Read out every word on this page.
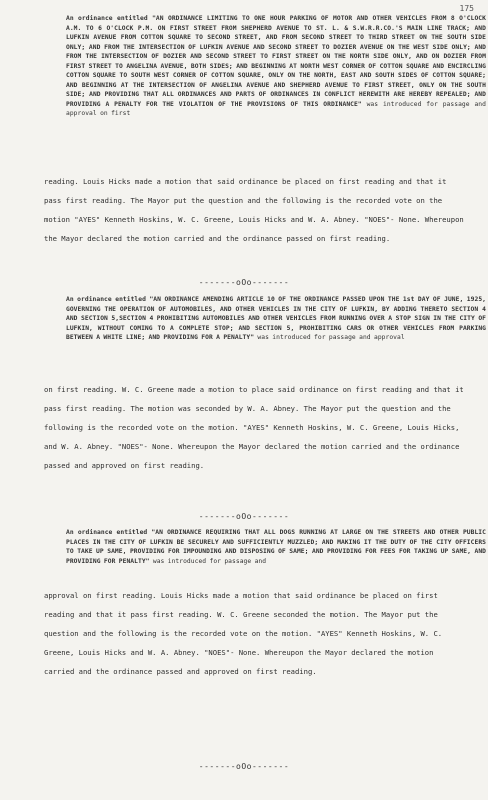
175
An ordinance entitled "AN ORDINANCE LIMITING TO ONE HOUR PARKING OF MOTOR AND OTHER VEHICLES FROM 8 O'CLOCK A.M. TO 6 O'CLOCK P.M. ON FIRST STREET FROM SHEPHERD AVENUE TO ST. L. & S.W.R.R.CO.'S MAIN LINE TRACK; AND LUFKIN AVENUE FROM COTTON SQUARE TO SECOND STREET, AND FROM SECOND STREET TO THIRD STREET ON THE SOUTH SIDE ONLY; AND FROM THE INTERSECTION OF LUFKIN AVENUE AND SECOND STREET TO DOZIER AVENUE ON THE WEST SIDE ONLY; AND FROM THE INTERSECTION OF DOZIER AND SECOND STREET TO FIRST STREET ON THE NORTH SIDE ONLY, AND ON DOZIER FROM FIRST STREET TO ANGELINA AVENUE, BOTH SIDES; AND BEGINNING AT NORTH WEST CORNER OF COTTON SQUARE AND ENCIRCLING COTTON SQUARE TO SOUTH WEST CORNER OF COTTON SQUARE, ONLY ON THE NORTH, EAST AND SOUTH SIDES OF COTTON SQUARE; AND BEGINNING AT THE INTERSECTION OF ANGELINA AVENUE AND SHEPHERD AVENUE TO FIRST STREET, ONLY ON THE SOUTH SIDE; AND PROVIDING THAT ALL ORDINANCES AND PARTS OF ORDINANCES IN CONFLICT HEREWITH ARE HEREBY REPEALED; AND PROVIDING A PENALTY FOR THE VIOLATION OF THE PROVISIONS OF THIS ORDINANCE" was introduced for passage and approval on first
reading. Louis Hicks made a motion that said ordinance be placed on first reading and that it pass first reading. The Mayor put the question and the following is the recorded vote on the motion "AYES" Kenneth Hoskins, W. C. Greene, Louis Hicks and W. A. Abney. "NOES"- None. Whereupon the Mayor declared the motion carried and the ordinance passed on first reading.
-------oOo-------
An ordinance entitled "AN ORDINANCE AMENDING ARTICLE 10 OF THE ORDINANCE PASSED UPON THE 1st DAY OF JUNE, 1925, GOVERNING THE OPERATION OF AUTOMOBILES, AND OTHER VEHICLES IN THE CITY OF LUFKIN, BY ADDING THERETO SECTION 4 AND SECTION 5,SECTION 4 PROHIBITING AUTOMOBILES AND OTHER VEHICLES FROM RUNNING OVER A STOP SIGN IN THE CITY OF LUFKIN, WITHOUT COMING TO A COMPLETE STOP; AND SECTION 5, PROHIBITING CARS OR OTHER VEHICLES FROM PARKING BETWEEN A WHITE LINE; AND PROVIDING FOR A PENALTY" was introduced for passage and approval
on first reading. W. C. Greene made a motion to place said ordinance on first reading and that it pass first reading. The motion was seconded by W. A. Abney. The Mayor put the question and the following is the recorded vote on the motion. "AYES" Kenneth Hoskins, W. C. Greene, Louis Hicks, and W. A. Abney. "NOES"- None. Whereupon the Mayor declared the motion carried and the ordinance passed and approved on first reading.
-------oOo-------
An ordinance entitled "AN ORDINANCE REQUIRING THAT ALL DOGS RUNNING AT LARGE ON THE STREETS AND OTHER PUBLIC PLACES IN THE CITY OF LUFKIN BE SECURELY AND SUFFICIENTLY MUZZLED; AND MAKING IT THE DUTY OF THE CITY OFFICERS TO TAKE UP SAME, PROVIDING FOR IMPOUNDING AND DISPOSING OF SAME; AND PROVIDING FOR FEES FOR TAKING UP SAME, AND PROVIDING FOR PENALTY" was introduced for passage and
approval on first reading. Louis Hicks made a motion that said ordinance be placed on first reading and that it pass first reading. W. C. Greene seconded the motion. The Mayor put the question and the following is the recorded vote on the motion. "AYES" Kenneth Hoskins, W. C. Greene, Louis Hicks and W. A. Abney. "NOES"- None. Whereupon the Mayor declared the motion carried and the ordinance passed and approved on first reading.
-------oOo-------
